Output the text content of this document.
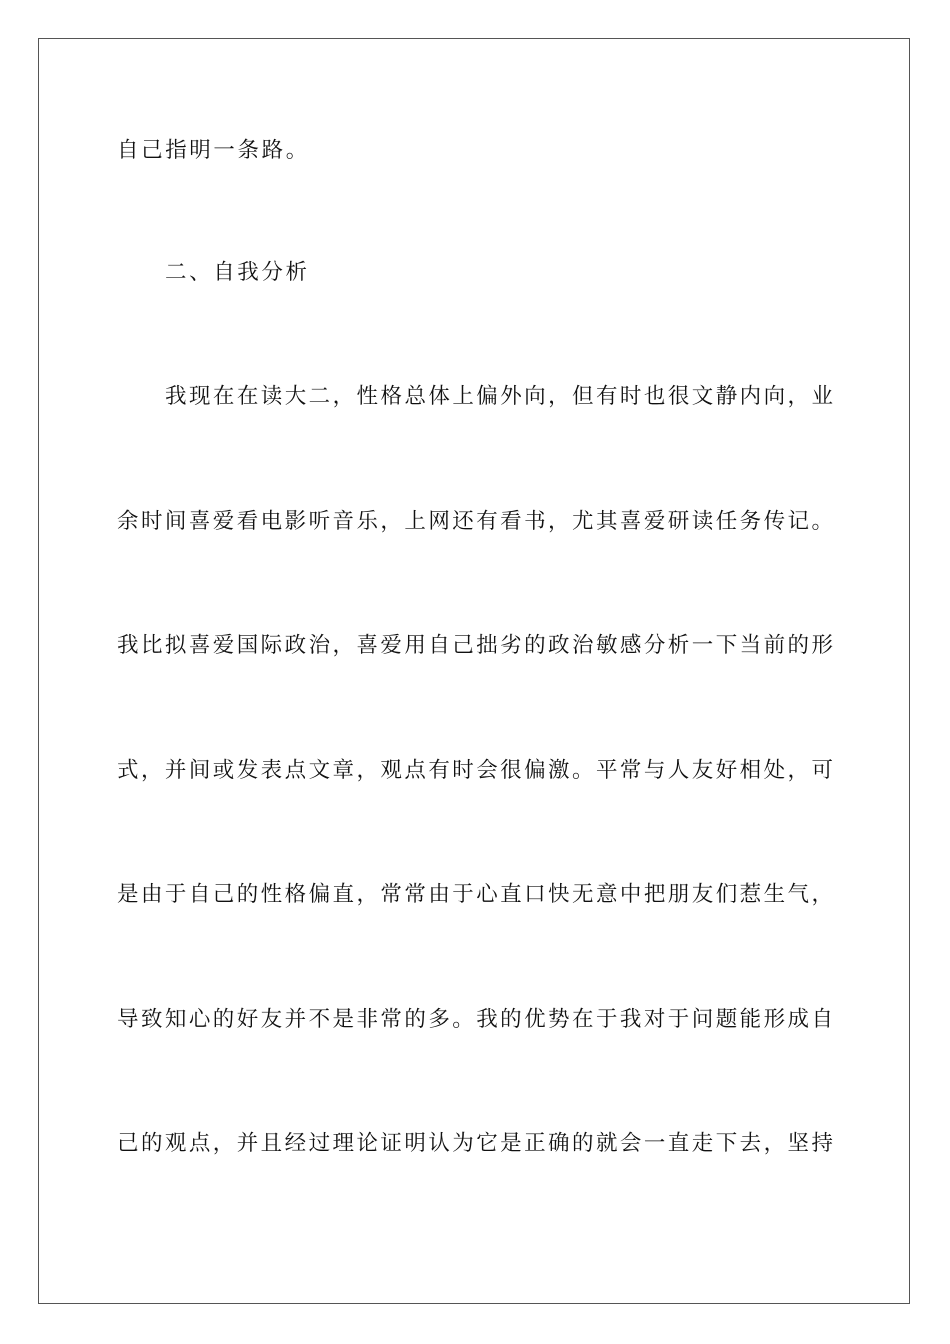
自己指明一条路。
二、自我分析
我现在在读大二，性格总体上偏外向，但有时也很文静内向，业
余时间喜爱看电影听音乐，上网还有看书，尤其喜爱研读任务传记。
我比拟喜爱国际政治，喜爱用自己拙劣的政治敏感分析一下当前的形
式，并间或发表点文章，观点有时会很偏激。平常与人友好相处，可
是由于自己的性格偏直，常常由于心直口快无意中把朋友们惹生气，
导致知心的好友并不是非常的多。我的优势在于我对于问题能形成自
己的观点，并且经过理论证明认为它是正确的就会一直走下去，坚持
